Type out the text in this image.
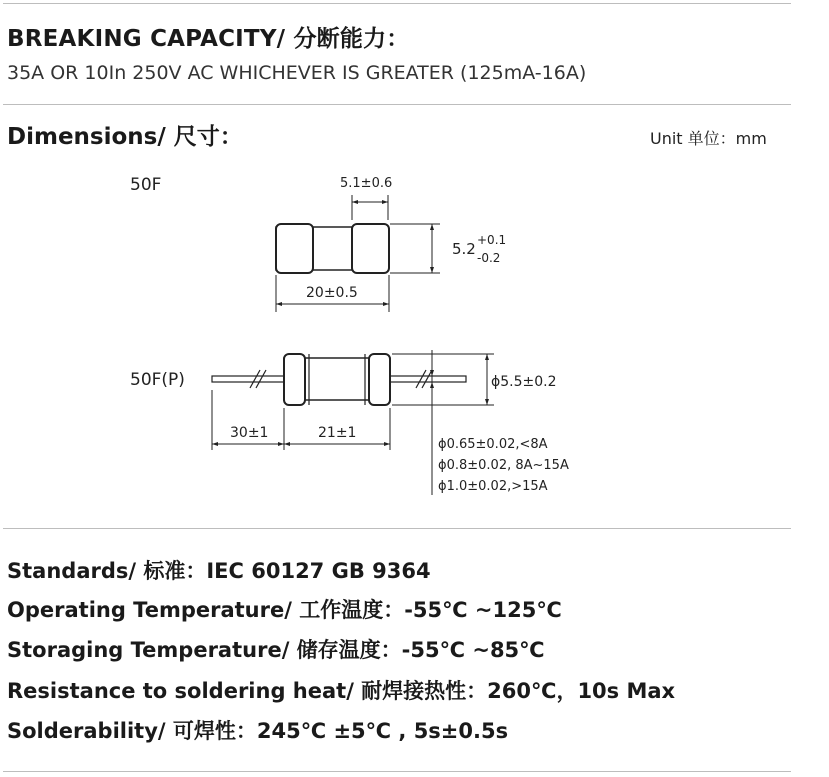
BREAKING CAPACITY/ 分断能力：
35A OR 10In 250V AC WHICHEVER IS GREATER (125mA-16A)
Dimensions/ 尺寸：	Unit 单位：mm
50F	5.1±0.6
5.2 +0.1
-0.2
20±0.5
50F(P)	ϕ5.5±0.2
ϕ0.65±0.02,<8A
ϕ0.8±0.02, 8A~15A
ϕ1.0±0.02,>15A
30±1	21±1
Standards/ 标准：IEC 60127 GB 9364
Operating Temperature/ 工作温度：-55℃ ~125℃
Storaging Temperature/ 储存温度：-55℃ ~85℃
Resistance to soldering heat/ 耐焊接热性：260℃，10s Max
Solderability/ 可焊性：245℃ ±5℃ , 5s±0.5s
